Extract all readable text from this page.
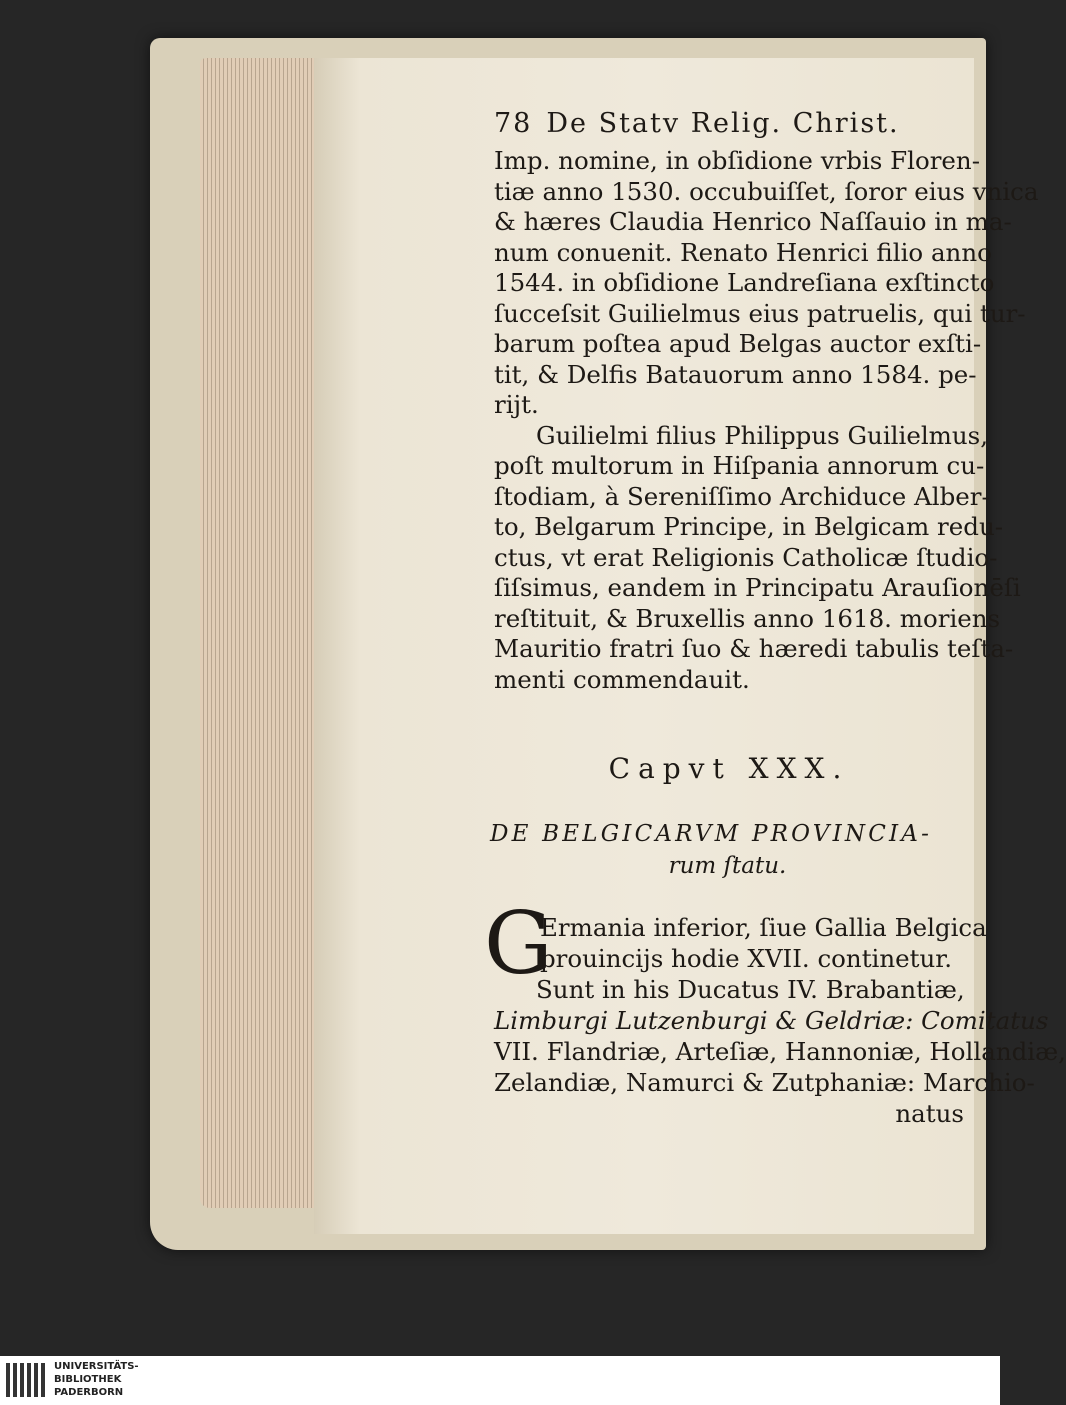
78 De Statv Relig. Christ.
Imp. nomine, in obſidione vrbis Floren-
tiæ anno 1530. occubuiſſet, ſoror eius vnica
& hæres Claudia Henrico Naſſauio in ma-
num conuenit. Renato Henrici filio anno
1544. in obſidione Landreſiana exſtincto
ſucceſsit Guilielmus eius patruelis, qui tur-
barum poſtea apud Belgas auctor exſti-
tit, & Delfis Batauorum anno 1584. pe-
rijt.
Guilielmi filius Philippus Guilielmus,
poſt multorum in Hiſpania annorum cu-
ſtodiam, à Sereniſſimo Archiduce Alber-
to, Belgarum Principe, in Belgicam redu-
ctus, vt erat Religionis Catholicæ ſtudio-
ſiſsimus, eandem in Principatu Arauſionēſi
reſtituit, & Bruxellis anno 1618. moriens
Mauritio fratri ſuo & hæredi tabulis teſta-
menti commendauit.
Capvt XXX.
DE BELGICARVM PROVINCIA-
rum ſtatu.
G
Ermania inferior, ſiue Gallia Belgica
prouincijs hodie XVII. continetur.
Sunt in his Ducatus IV. Brabantiæ,
Limburgi Lutzenburgi & Geldriæ: Comitatus
VII. Flandriæ, Arteſiæ, Hannoniæ, Hollandiæ,
Zelandiæ, Namurci & Zutphaniæ: Marchio-
natus
UNIVERSITÄTS-
BIBLIOTHEK
PADERBORN
